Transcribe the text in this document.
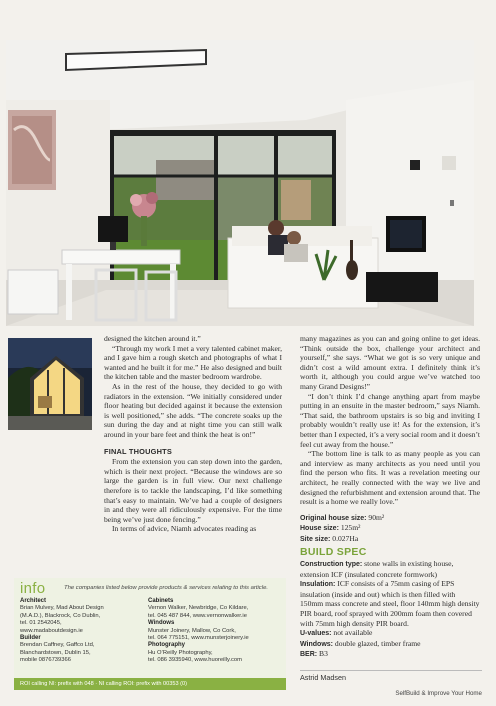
designed the kitchen around it.”

“Through my work I met a very talented cabinet maker, and I gave him a rough sketch and photographs of what I wanted and he built it for me.” He also designed and built the kitchen table and the master bedroom wardrobe.

As in the rest of the house, they decided to go with radiators in the extension. “We initially considered under floor heating but decided against it because the extension is well positioned,” she adds. “The concrete soaks up the sun during the day and at night time you can still walk around in your bare feet and think the heat is on!”

FINAL THOUGHTS

From the extension you can step down into the garden, which is their next project. “Because the windows are so large the garden is in full view. Our next challenge therefore is to tackle the landscaping, I’d like something that’s easy to maintain. We’ve had a couple of designers in and they were all ridiculously expensive. For the time being we’ve just done fencing.”

In terms of advice, Niamh advocates reading as

many magazines as you can and going online to get ideas. “Think outside the box, challenge your architect and yourself,” she says. “What we got is so very unique and didn’t cost a wild amount extra. I definitely think it’s worth it, although you could argue we’ve watched too many Grand Designs!”

“I don’t think I’d change anything apart from maybe putting in an ensuite in the master bedroom,” says Niamh. “That said, the bathroom upstairs is so big and inviting I probably wouldn’t really use it! As for the extension, it’s better than I expected, it’s a very social room and it doesn’t feel cut away from the house.”

“The bottom line is talk to as many people as you can and interview as many architects as you need until you find the person who fits. It was a revelation meeting our architect, he really connected with the way we live and designed the refurbishment and extension around that. The result is a home we really love.”

Original house size: 90m²
House size: 125m²
Site size: 0.027Ha
BUILD SPEC
Construction type: stone walls in existing house, extension ICF (insulated concrete formwork)
Insulation: ICF consists of a 75mm casing of EPS insulation (inside and out) which is then filled with 150mm mass concrete and steel, floor 140mm high density PIR board, roof sprayed with 200mm foam then covered with 75mm high density PIR board.
U-values: not available
Windows: double glazed, timber frame
BER: B3
Astrid Madsen
info	The companies listed below provide products & services relating to this article.
Architect
Brian Mulvey, Mad About Design
(M.A.D.), Blackrock, Co Dublin,
tel. 01 2542045,
www.madaboutdesign.ie
Builder
Brendan Caffney, Gaffco Ltd,
Blanchardstown, Dublin 15,
mobile 0876739366
Cabinets
Vernon Walker, Newbridge, Co Kildare,
tel. 045 487 844, www.vernonwalker.ie
Windows
Munster Joinery, Mallow, Co Cork,
tel. 064 775151, www.munsterjoinery.ie
Photography
Hu O’Reilly Photography,
tel. 086 3935940, www.huoreilly.com
ROI calling NI: prefix with 048 · NI calling ROI: prefix with 00353 (0)
SelfBuild & Improve Your Home
